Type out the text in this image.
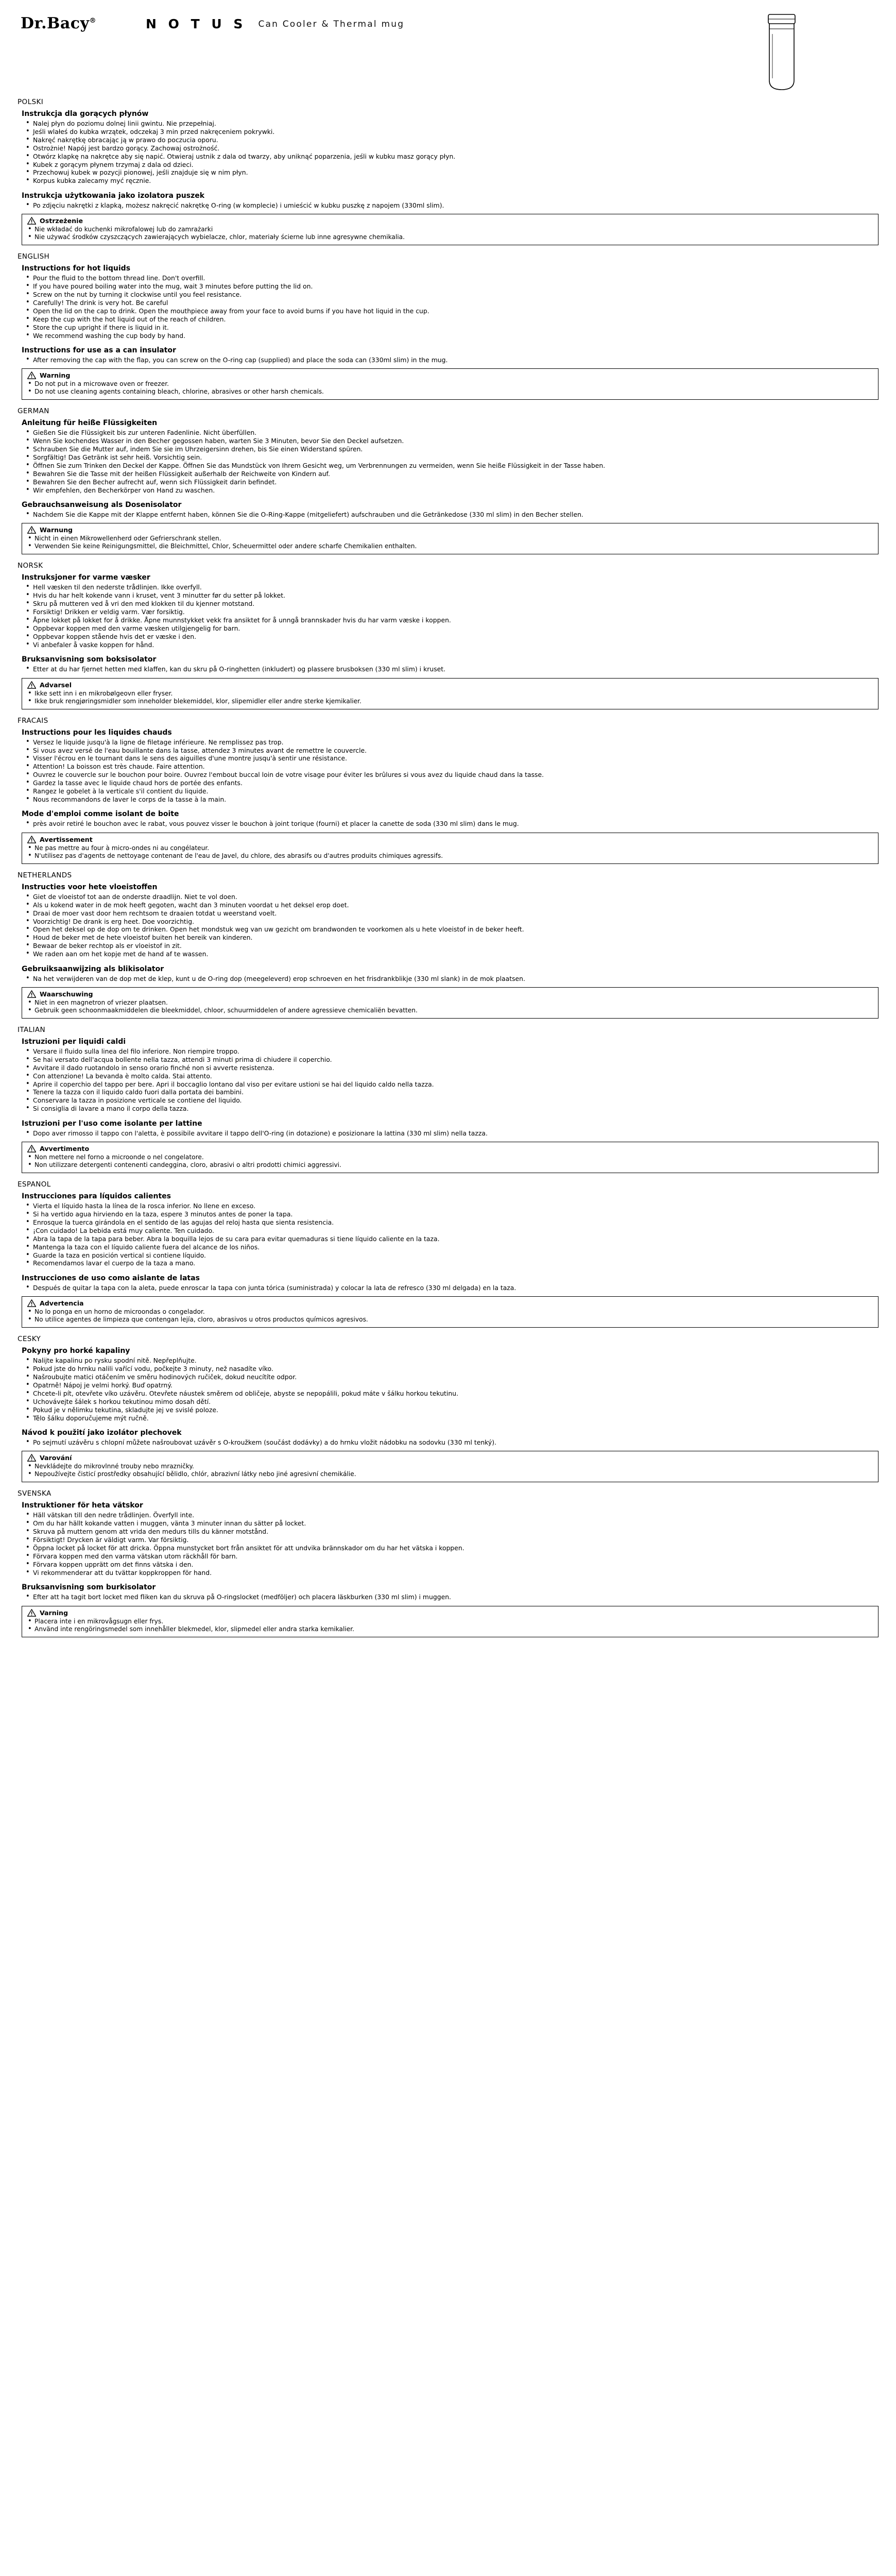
Dr.Bacy®	N O T U S Can Cooler & Thermal mug
POLSKI
Instrukcja dla gorących płynów
• Nalej płyn do poziomu dolnej linii gwintu. Nie przepełniaj.
• Jeśli wlałeś do kubka wrzątek, odczekaj 3 min przed nakręceniem pokrywki.
• Nakręć nakrętkę obracając ją w prawo do poczucia oporu.
• Ostrożnie! Napój jest bardzo gorący. Zachowaj ostrożność.
• Otwórz klapkę na nakrętce aby się napić. Otwieraj ustnik z dala od twarzy, aby uniknąć poparzenia, jeśli w kubku masz gorący płyn.
• Kubek z gorącym płynem trzymaj z dala od dzieci.
• Przechowuj kubek w pozycji pionowej, jeśli znajduje się w nim płyn.
• Korpus kubka zalecamy myć ręcznie.
Instrukcja użytkowania jako izolatora puszek
• Po zdjęciu nakrętki z klapką, możesz nakręcić nakrętkę O-ring (w komplecie) i umieścić w kubku puszkę z napojem (330ml slim).
Ostrzeżenie
• Nie wkładać do kuchenki mikrofalowej lub do zamrażarki
• Nie używać środków czyszczących zawierających wybielacze, chlor, materiały ścierne lub inne agresywne chemikalia.
ENGLISH
Instructions for hot liquids
• Pour the fluid to the bottom thread line. Don't overfill.
• If you have poured boiling water into the mug, wait 3 minutes before putting the lid on.
• Screw on the nut by turning it clockwise until you feel resistance.
• Carefully! The drink is very hot. Be careful
• Open the lid on the cap to drink. Open the mouthpiece away from your face to avoid burns if you have hot liquid in the cup.
• Keep the cup with the hot liquid out of the reach of children.
• Store the cup upright if there is liquid in it.
• We recommend washing the cup body by hand.
Instructions for use as a can insulator
• After removing the cap with the flap, you can screw on the O-ring cap (supplied) and place the soda can (330ml slim) in the mug.
Warning
• Do not put in a microwave oven or freezer.
• Do not use cleaning agents containing bleach, chlorine, abrasives or other harsh chemicals.
GERMAN
Anleitung für heiße Flüssigkeiten
• Gießen Sie die Flüssigkeit bis zur unteren Fadenlinie. Nicht überfüllen.
• Wenn Sie kochendes Wasser in den Becher gegossen haben, warten Sie 3 Minuten, bevor Sie den Deckel aufsetzen.
• Schrauben Sie die Mutter auf, indem Sie sie im Uhrzeigersinn drehen, bis Sie einen Widerstand spüren.
• Sorgfältig! Das Getränk ist sehr heiß. Vorsichtig sein.
• Öffnen Sie zum Trinken den Deckel der Kappe. Öffnen Sie das Mundstück von Ihrem Gesicht weg, um Verbrennungen zu vermeiden, wenn Sie heiße Flüssigkeit in der Tasse haben.
• Bewahren Sie die Tasse mit der heißen Flüssigkeit außerhalb der Reichweite von Kindern auf.
• Bewahren Sie den Becher aufrecht auf, wenn sich Flüssigkeit darin befindet.
• Wir empfehlen, den Becherkörper von Hand zu waschen.
Gebrauchsanweisung als Dosenisolator
• Nachdem Sie die Kappe mit der Klappe entfernt haben, können Sie die O-Ring-Kappe (mitgeliefert) aufschrauben und die Getränkedose (330 ml slim) in den Becher stellen.
Warnung
• Nicht in einen Mikrowellenherd oder Gefrierschrank stellen.
• Verwenden Sie keine Reinigungsmittel, die Bleichmittel, Chlor, Scheuermittel oder andere scharfe Chemikalien enthalten.
NORSK
Instruksjoner for varme væsker
• Hell væsken til den nederste trådlinjen. Ikke overfyll.
• Hvis du har helt kokende vann i kruset, vent 3 minutter før du setter på lokket.
• Skru på mutteren ved å vri den med klokken til du kjenner motstand.
• Forsiktig! Drikken er veldig varm. Vær forsiktig.
• Åpne lokket på lokket for å drikke. Åpne munnstykket vekk fra ansiktet for å unngå brannskader hvis du har varm væske i koppen.
• Oppbevar koppen med den varme væsken utilgjengelig for barn.
• Oppbevar koppen stående hvis det er væske i den.
• Vi anbefaler å vaske koppen for hånd.
Bruksanvisning som boksisolator
• Etter at du har fjernet hetten med klaffen, kan du skru på O-ringhetten (inkludert) og plassere brusboksen (330 ml slim) i kruset.
Advarsel
• Ikke sett inn i en mikrobølgeovn eller fryser.
• Ikke bruk rengjøringsmidler som inneholder blekemiddel, klor, slipemidler eller andre sterke kjemikalier.
FRACAIS
Instructions pour les liquides chauds
• Versez le liquide jusqu'à la ligne de filetage inférieure. Ne remplissez pas trop.
• Si vous avez versé de l'eau bouillante dans la tasse, attendez 3 minutes avant de remettre le couvercle.
• Visser l'écrou en le tournant dans le sens des aiguilles d'une montre jusqu'à sentir une résistance.
• Attention! La boisson est très chaude. Faire attention.
• Ouvrez le couvercle sur le bouchon pour boire. Ouvrez l'embout buccal loin de votre visage pour éviter les brûlures si vous avez du liquide chaud dans la tasse.
• Gardez la tasse avec le liquide chaud hors de portée des enfants.
• Rangez le gobelet à la verticale s'il contient du liquide.
• Nous recommandons de laver le corps de la tasse à la main.
Mode d'emploi comme isolant de boite
• près avoir retiré le bouchon avec le rabat, vous pouvez visser le bouchon à joint torique (fourni) et placer la canette de soda (330 ml slim) dans le mug.
Avertissement
• Ne pas mettre au four à micro-ondes ni au congélateur.
• N'utilisez pas d'agents de nettoyage contenant de l'eau de Javel, du chlore, des abrasifs ou d'autres produits chimiques agressifs.
NETHERLANDS
Instructies voor hete vloeistoffen
• Giet de vloeistof tot aan de onderste draadlijn. Niet te vol doen.
• Als u kokend water in de mok heeft gegoten, wacht dan 3 minuten voordat u het deksel erop doet.
• Draai de moer vast door hem rechtsom te draaien totdat u weerstand voelt.
• Voorzichtig! De drank is erg heet. Doe voorzichtig.
• Open het deksel op de dop om te drinken. Open het mondstuk weg van uw gezicht om brandwonden te voorkomen als u hete vloeistof in de beker heeft.
• Houd de beker met de hete vloeistof buiten het bereik van kinderen.
• Bewaar de beker rechtop als er vloeistof in zit.
• We raden aan om het kopje met de hand af te wassen.
Gebruiksaanwijzing als blikisolator
• Na het verwijderen van de dop met de klep, kunt u de O-ring dop (meegeleverd) erop schroeven en het frisdrankblikje (330 ml slank) in de mok plaatsen.
Waarschuwing
• Niet in een magnetron of vriezer plaatsen.
• Gebruik geen schoonmaakmiddelen die bleekmiddel, chloor, schuurmiddelen of andere agressieve chemicaliën bevatten.
ITALIAN
Istruzioni per liquidi caldi
• Versare il fluido sulla linea del filo inferiore. Non riempire troppo.
• Se hai versato dell'acqua bollente nella tazza, attendi 3 minuti prima di chiudere il coperchio.
• Avvitare il dado ruotandolo in senso orario finché non si avverte resistenza.
• Con attenzione! La bevanda è molto calda. Stai attento.
• Aprire il coperchio del tappo per bere. Apri il boccaglio lontano dal viso per evitare ustioni se hai del liquido caldo nella tazza.
• Tenere la tazza con il liquido caldo fuori dalla portata dei bambini.
• Conservare la tazza in posizione verticale se contiene del liquido.
• Si consiglia di lavare a mano il corpo della tazza.
Istruzioni per l'uso come isolante per lattine
• Dopo aver rimosso il tappo con l'aletta, è possibile avvitare il tappo dell'O-ring (in dotazione) e posizionare la lattina (330 ml slim) nella tazza.
Avvertimento
• Non mettere nel forno a microonde o nel congelatore.
• Non utilizzare detergenti contenenti candeggina, cloro, abrasivi o altri prodotti chimici aggressivi.
ESPANOL
Instrucciones para líquidos calientes
• Vierta el líquido hasta la línea de la rosca inferior. No llene en exceso.
• Si ha vertido agua hirviendo en la taza, espere 3 minutos antes de poner la tapa.
• Enrosque la tuerca girándola en el sentido de las agujas del reloj hasta que sienta resistencia.
• ¡Con cuidado! La bebida está muy caliente. Ten cuidado.
• Abra la tapa de la tapa para beber. Abra la boquilla lejos de su cara para evitar quemaduras si tiene líquido caliente en la taza.
• Mantenga la taza con el líquido caliente fuera del alcance de los niños.
• Guarde la taza en posición vertical si contiene líquido.
• Recomendamos lavar el cuerpo de la taza a mano.
Instrucciones de uso como aislante de latas
• Después de quitar la tapa con la aleta, puede enroscar la tapa con junta tórica (suministrada) y colocar la lata de refresco (330 ml delgada) en la taza.
Advertencia
• No lo ponga en un horno de microondas o congelador.
• No utilice agentes de limpieza que contengan lejía, cloro, abrasivos u otros productos químicos agresivos.
CESKY
Pokyny pro horké kapaliny
• Nalijte kapalinu po rysku spodní nitě. Nepřeplňujte.
• Pokud jste do hrnku nalili vařící vodu, počkejte 3 minuty, než nasadíte víko.
• Našroubujte matici otáčením ve směru hodinových ručiček, dokud neucítíte odpor.
• Opatrně! Nápoj je velmi horký. Buď opatrný.
• Chcete-li pít, otevřete víko uzávěru. Otevřete náustek směrem od obličeje, abyste se nepopálili, pokud máte v šálku horkou tekutinu.
• Uchovávejte šálek s horkou tekutinou mimo dosah dětí.
• Pokud je v nělimku tekutina, skladujte jej ve svislé poloze.
• Tělo šálku doporučujeme mýt ručně.
Návod k použití jako izolátor plechovek
• Po sejmutí uzávěru s chlopní můžete našroubovat uzávěr s O-kroužkem (součást dodávky) a do hrnku vložit nádobku na sodovku (330 ml tenký).
Varování
• Nevkládejte do mikrovlnné trouby nebo mrazničky.
• Nepoužívejte čisticí prostředky obsahující bělidlo, chlór, abrazivní látky nebo jiné agresivní chemikálie.
SVENSKA
Instruktioner för heta vätskor
• Häll vätskan till den nedre trådlinjen. Överfyll inte.
• Om du har hällt kokande vatten i muggen, vänta 3 minuter innan du sätter på locket.
• Skruva på muttern genom att vrida den medurs tills du känner motstånd.
• Försiktigt! Drycken är väldigt varm. Var försiktig.
• Öppna locket på locket för att dricka. Öppna munstycket bort från ansiktet för att undvika brännskador om du har het vätska i koppen.
• Förvara koppen med den varma vätskan utom räckhåll för barn.
• Förvara koppen upprätt om det finns vätska i den.
• Vi rekommenderar att du tvättar koppkroppen för hand.
Bruksanvisning som burkisolator
• Efter att ha tagit bort locket med fliken kan du skruva på O-ringslocket (medföljer) och placera läskburken (330 ml slim) i muggen.
Varning
• Placera inte i en mikrovågsugn eller frys.
• Använd inte rengöringsmedel som innehåller blekmedel, klor, slipmedel eller andra starka kemikalier.
